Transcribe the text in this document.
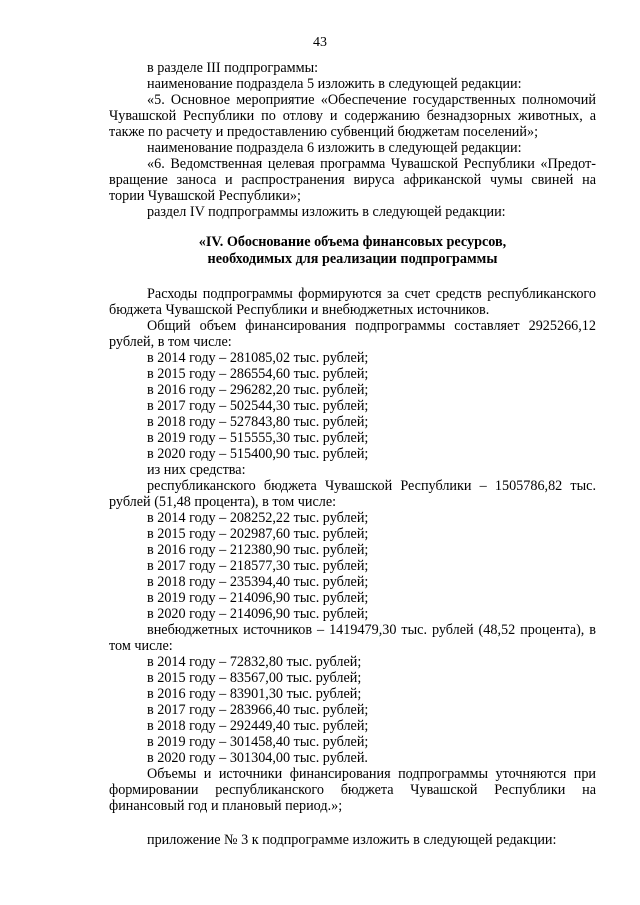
43
в разделе III подпрограммы:
наименование подраздела 5 изложить в следующей редакции:
«5. Основное мероприятие «Обеспечение государственных полномочий
Чувашской Республики по отлову и содержанию безнадзорных животных, а
также по расчету и предоставлению субвенций бюджетам поселений»;
наименование подраздела 6 изложить в следующей редакции:
«6. Ведомственная целевая программа Чувашской Республики «Предот-
вращение заноса и распространения вируса африканской чумы свиней на
тории Чувашской Республики»;
раздел IV подпрограммы изложить в следующей редакции:
«IV. Обоснование объема финансовых ресурсов,
необходимых для реализации подпрограммы
Расходы подпрограммы формируются за счет средств республиканского
бюджета Чувашской Республики и внебюджетных источников.
Общий объем финансирования подпрограммы составляет 2925266,12
рублей, в том числе:
в 2014 году – 281085,02 тыс. рублей;
в 2015 году – 286554,60 тыс. рублей;
в 2016 году – 296282,20 тыс. рублей;
в 2017 году – 502544,30 тыс. рублей;
в 2018 году – 527843,80 тыс. рублей;
в 2019 году – 515555,30 тыс. рублей;
в 2020 году – 515400,90 тыс. рублей;
из них средства:
республиканского бюджета Чувашской Республики – 1505786,82 тыс.
рублей (51,48 процента), в том числе:
в 2014 году – 208252,22 тыс. рублей;
в 2015 году – 202987,60 тыс. рублей;
в 2016 году – 212380,90 тыс. рублей;
в 2017 году – 218577,30 тыс. рублей;
в 2018 году – 235394,40 тыс. рублей;
в 2019 году – 214096,90 тыс. рублей;
в 2020 году – 214096,90 тыс. рублей;
внебюджетных источников – 1419479,30 тыс. рублей (48,52 процента), в
том числе:
в 2014 году – 72832,80 тыс. рублей;
в 2015 году – 83567,00 тыс. рублей;
в 2016 году – 83901,30 тыс. рублей;
в 2017 году – 283966,40 тыс. рублей;
в 2018 году – 292449,40 тыс. рублей;
в 2019 году – 301458,40 тыс. рублей;
в 2020 году – 301304,00 тыс. рублей.
Объемы и источники финансирования подпрограммы уточняются при
формировании республиканского бюджета Чувашской Республики на
финансовый год и плановый период.»;
приложение № 3 к подпрограмме изложить в следующей редакции:
